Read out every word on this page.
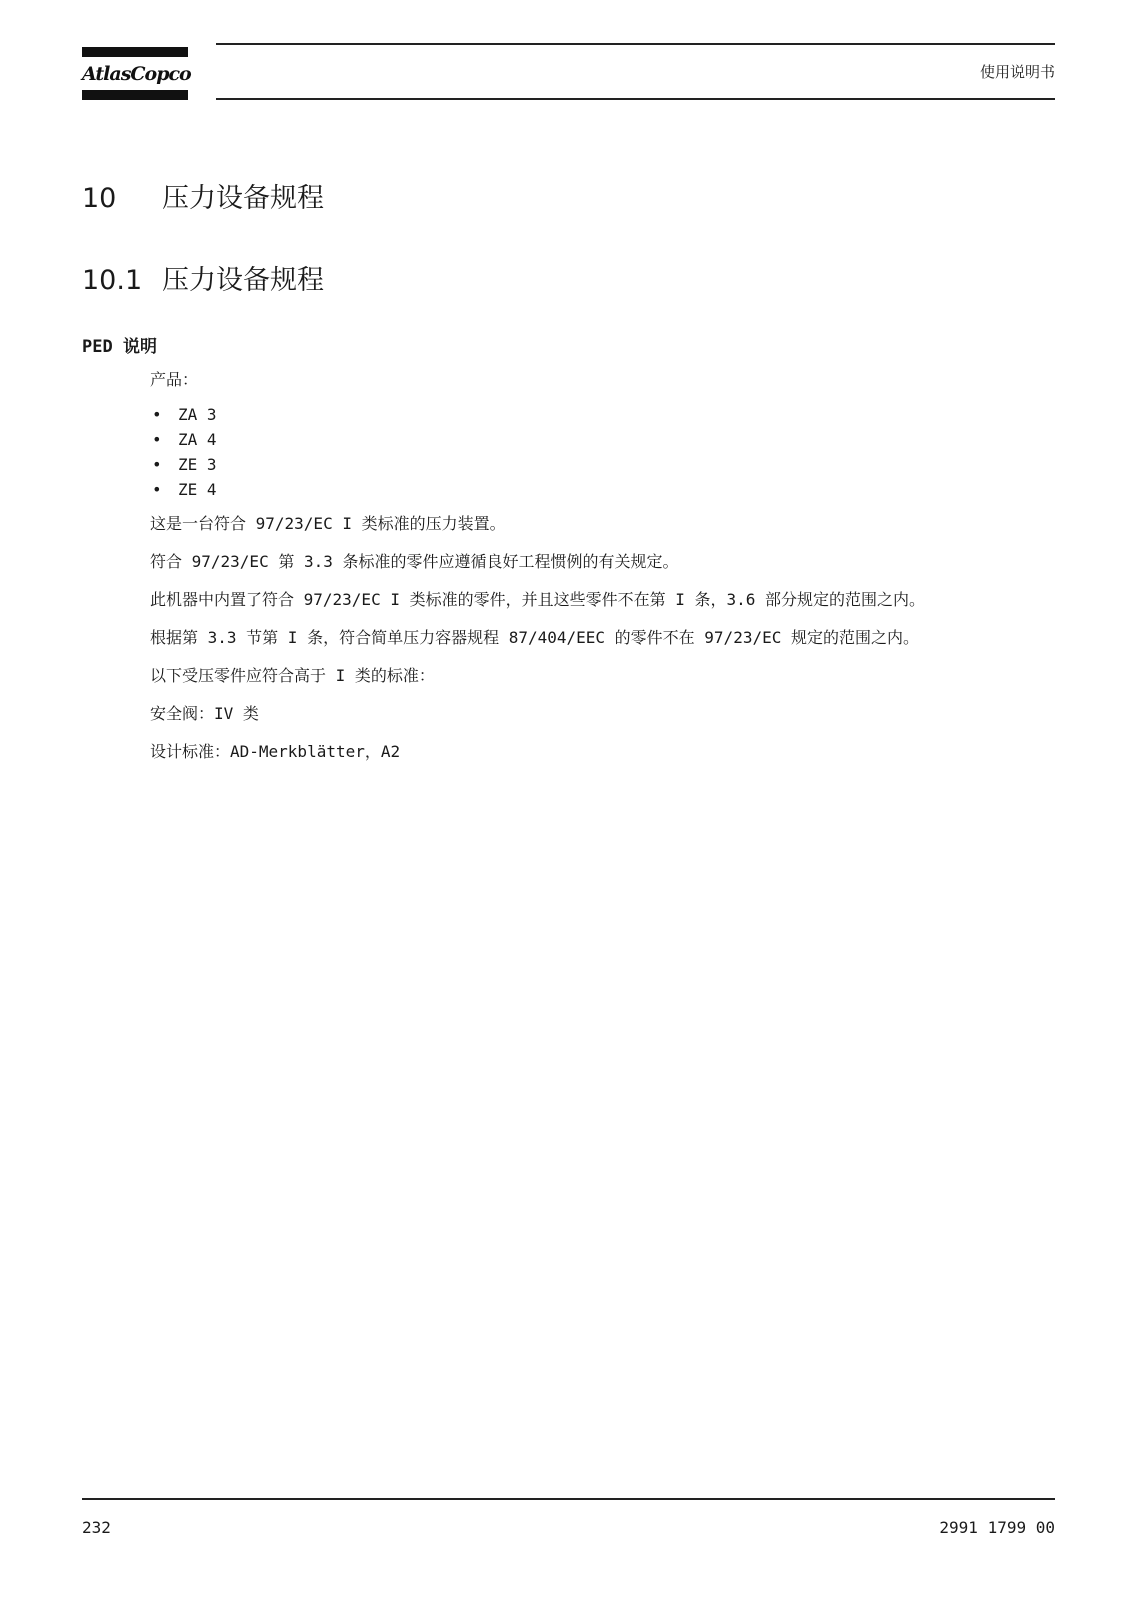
AtlasCopco	使用说明书
10 压力设备规程
10.1 压力设备规程
PED 说明

产品：

• ZA 3
• ZA 4
• ZE 3
• ZE 4

这是一台符合 97/23/EC I 类标准的压力装置。

符合 97/23/EC 第 3.3 条标准的零件应遵循良好工程惯例的有关规定。

此机器中内置了符合 97/23/EC I 类标准的零件，并且这些零件不在第 I 条，3.6 部分规定的范围之内。

根据第 3.3 节第 I 条，符合简单压力容器规程 87/404/EEC 的零件不在 97/23/EC 规定的范围之内。

以下受压零件应符合高于 I 类的标准：

安全阀：IV 类

设计标准：AD-Merkblätter，A2

232	2991 1799 00
